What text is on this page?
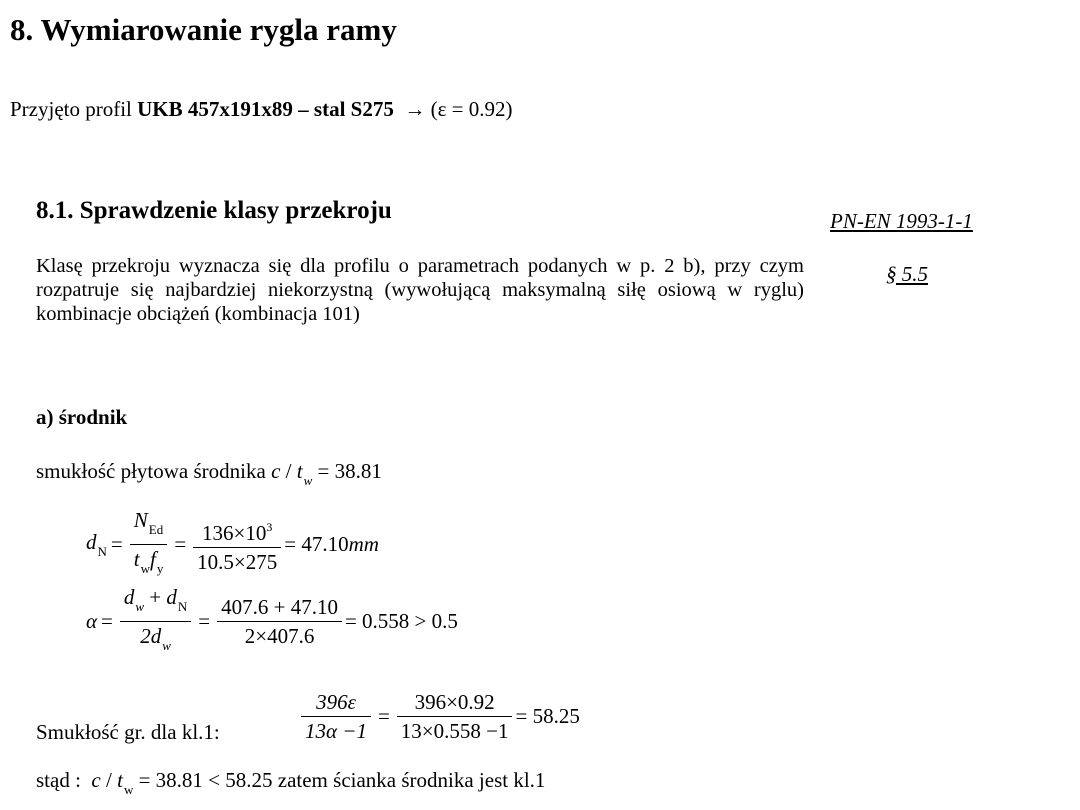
8. Wymiarowanie rygla ramy
Przyjęto profil UKB 457x191x89 – stal S275 → (ε = 0.92)
8.1. Sprawdzenie klasy przekroju	PN-EN 1993-1-1
§ 5.5
Klasę przekroju wyznacza się dla profilu o parametrach podanych w p. 2 b), przy czym rozpatruje się najbardziej niekorzystną (wywołującą maksymalną siłę osiową w ryglu) kombinacje obciążeń (kombinacja 101)
a) środnik
smukłość płytowa środnika $c / t_w = 38.81$
$d_N = \frac{N_{Ed}}{t_wf_y} = \frac{136\times 10^3}{10.5\times 275} = 47.10$ mm
$\alpha = \frac{d_w + d_N}{2d_w} = \frac{407.6 + 47.10}{2\times 407.6} = 0.558 > 0.5$
Smukłość gr. dla kl.1:	$\frac{396\varepsilon}{13\alpha -1} = \frac{396\times 0.92}{13\times 0.558 -1} = 58.25$
stąd : $c / t_w = 38.81 < 58.25$ zatem ścianka środnika jest kl.1
